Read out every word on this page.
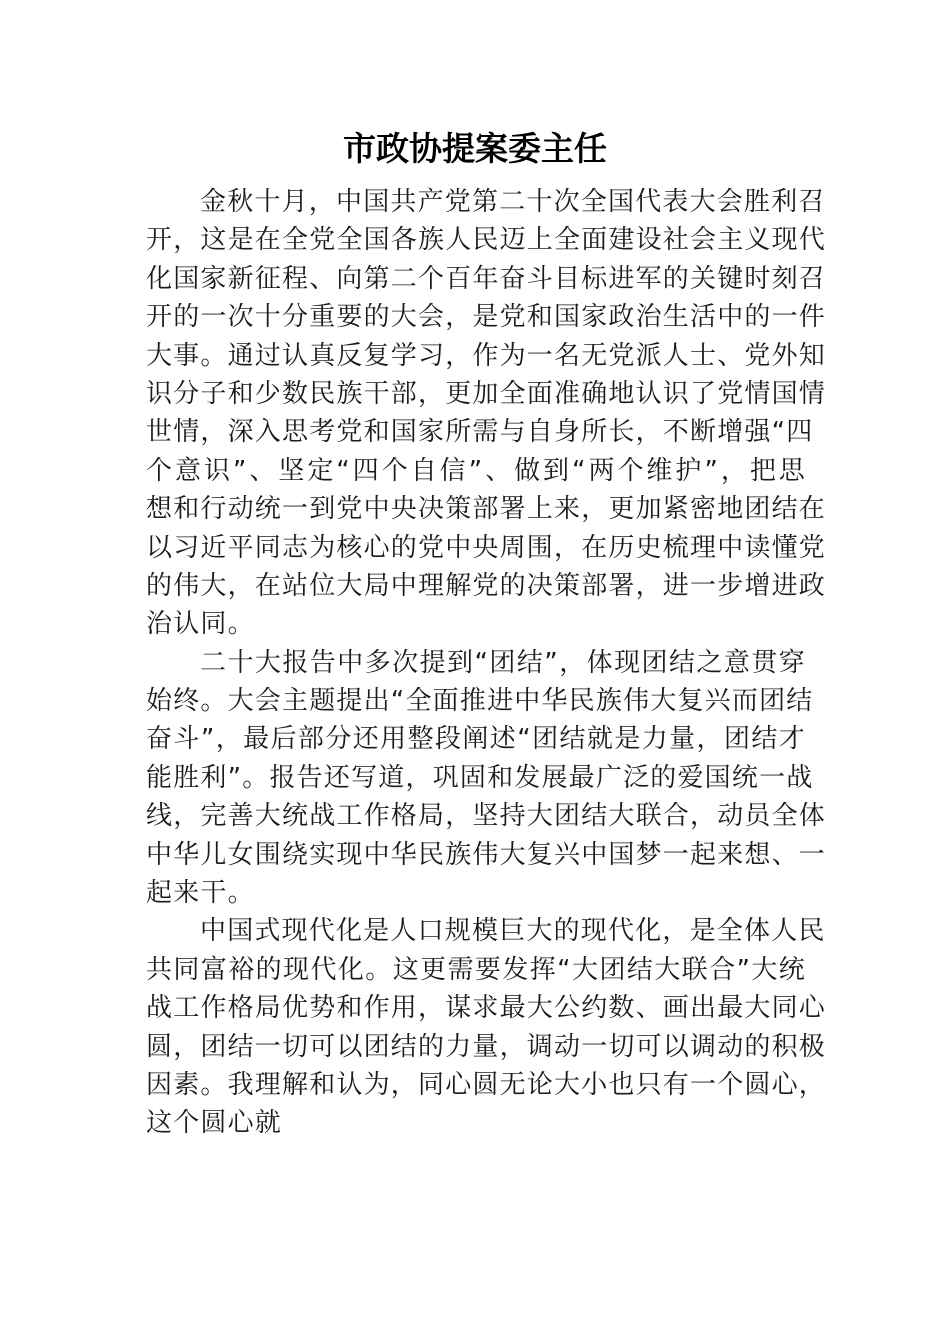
市政协提案委主任
金秋十月，中国共产党第二十次全国代表大会胜利召
开，这是在全党全国各族人民迈上全面建设社会主义现代
化国家新征程、向第二个百年奋斗目标进军的关键时刻召
开的一次十分重要的大会，是党和国家政治生活中的一件
大事。通过认真反复学习，作为一名无党派人士、党外知
识分子和少数民族干部，更加全面准确地认识了党情国情
世情，深入思考党和国家所需与自身所长，不断增强“四
个意识”、坚定“四个自信”、做到“两个维护”，把思
想和行动统一到党中央决策部署上来，更加紧密地团结在
以习近平同志为核心的党中央周围，在历史梳理中读懂党
的伟大，在站位大局中理解党的决策部署，进一步增进政
治认同。
二十大报告中多次提到“团结”，体现团结之意贯穿
始终。大会主题提出“全面推进中华民族伟大复兴而团结
奋斗”，最后部分还用整段阐述“团结就是力量，团结才
能胜利”。报告还写道，巩固和发展最广泛的爱国统一战
线，完善大统战工作格局，坚持大团结大联合，动员全体
中华儿女围绕实现中华民族伟大复兴中国梦一起来想、一
起来干。
中国式现代化是人口规模巨大的现代化，是全体人民
共同富裕的现代化。这更需要发挥“大团结大联合”大统
战工作格局优势和作用，谋求最大公约数、画出最大同心
圆，团结一切可以团结的力量，调动一切可以调动的积极
因素。我理解和认为，同心圆无论大小也只有一个圆心，
这个圆心就
